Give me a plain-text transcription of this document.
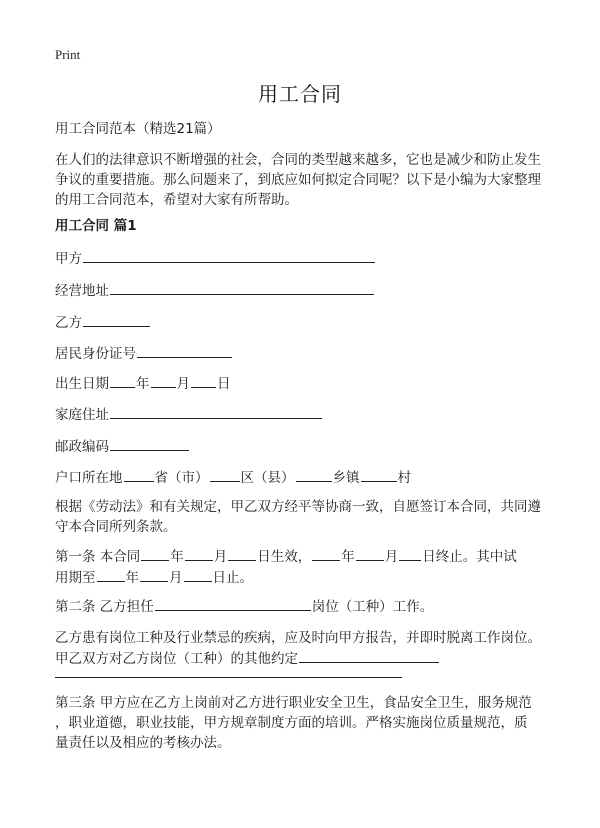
Print
用工合同
用工合同范本（精选21篇）
在人们的法律意识不断增强的社会，合同的类型越来越多，它也是减少和防止发生
争议的重要措施。那么问题来了，到底应如何拟定合同呢？以下是小编为大家整理
的用工合同范本，希望对大家有所帮助。
用工合同 篇1
甲方
经营地址
乙方
居民身份证号
出生日期 年 月 日
家庭住址
邮政编码
户口所在地 省（市） 区（县）	乡镇	村
根据《劳动法》和有关规定，甲乙双方经平等协商一致，自愿签订本合同，共同遵
守本合同所列条款。
第一条 本合同 年 月 日生效， 年 月 日终止。其中试
用期至 年 月 日止。
第二条 乙方担任	岗位（工种）工作。
乙方患有岗位工种及行业禁忌的疾病，应及时向甲方报告，并即时脱离工作岗位。
甲乙双方对乙方岗位（工种）的其他约定
第三条 甲方应在乙方上岗前对乙方进行职业安全卫生，食品安全卫生，服务规范
，职业道德，职业技能，甲方规章制度方面的培训。严格实施岗位质量规范，质
量责任以及相应的考核办法。
